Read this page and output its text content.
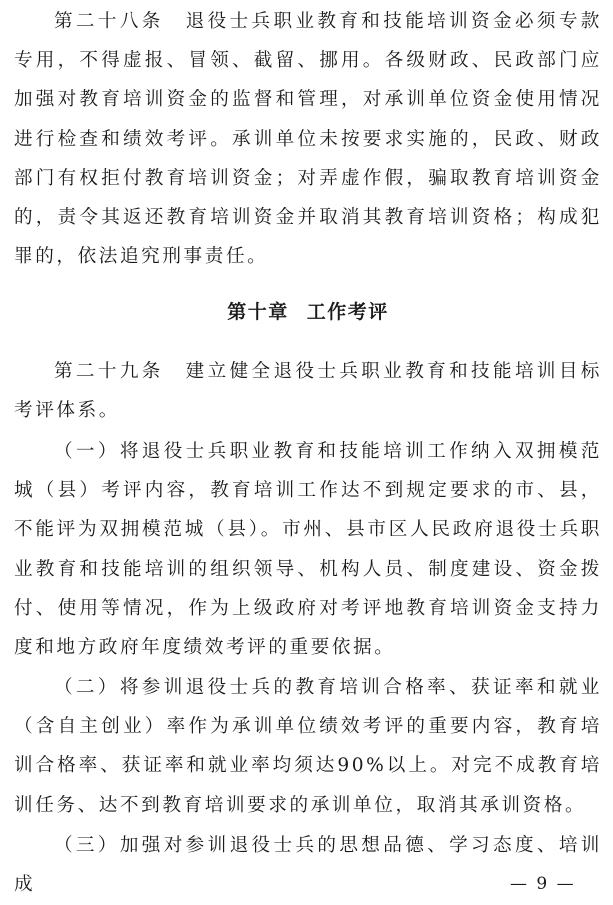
第二十八条　退役士兵职业教育和技能培训资金必须专款专用，不得虚报、冒领、截留、挪用。各级财政、民政部门应加强对教育培训资金的监督和管理，对承训单位资金使用情况进行检查和绩效考评。承训单位未按要求实施的，民政、财政部门有权拒付教育培训资金；对弄虚作假，骗取教育培训资金的，责令其返还教育培训资金并取消其教育培训资格；构成犯罪的，依法追究刑事责任。

第十章 工作考评

第二十九条　建立健全退役士兵职业教育和技能培训目标考评体系。

（一）将退役士兵职业教育和技能培训工作纳入双拥模范城（县）考评内容，教育培训工作达不到规定要求的市、县，不能评为双拥模范城（县）。市州、县市区人民政府退役士兵职业教育和技能培训的组织领导、机构人员、制度建设、资金拨付、使用等情况，作为上级政府对考评地教育培训资金支持力度和地方政府年度绩效考评的重要依据。

（二）将参训退役士兵的教育培训合格率、获证率和就业（含自主创业）率作为承训单位绩效考评的重要内容，教育培训合格率、获证率和就业率均须达90%以上。对完不成教育培训任务、达不到教育培训要求的承训单位，取消其承训资格。

（三）加强对参训退役士兵的思想品德、学习态度、培训成	— 9 —
